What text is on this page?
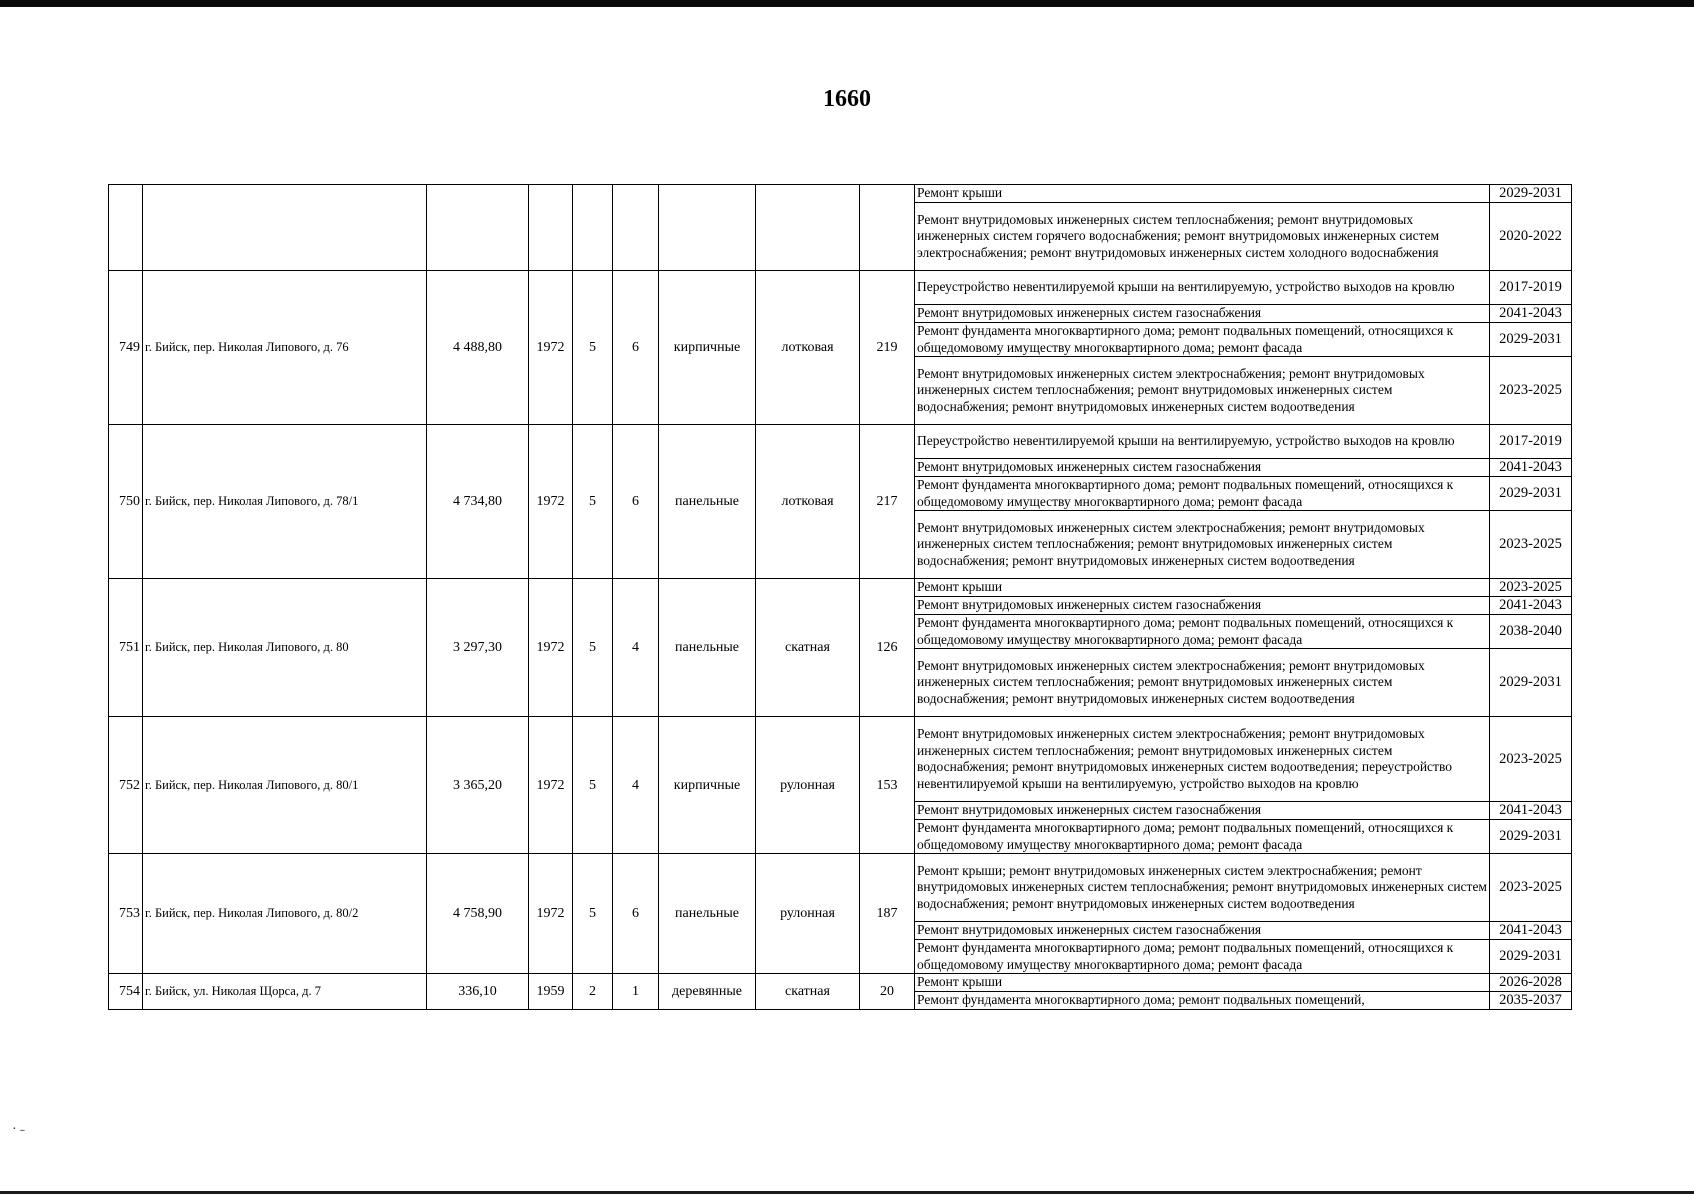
1660
									Ремонт крыши	2029-2031
									Ремонт внутридомовых инженерных систем теплоснабжения; ремонт внутридомовых инженерных систем горячего водоснабжения; ремонт внутридомовых инженерных систем электроснабжения; ремонт внутридомовых инженерных систем холодного водоснабжения	2020-2022
749	г. Бийск, пер. Николая Липового, д. 76	4 488,80	1972	5	6	кирпичные	лотковая	219	Переустройство невентилируемой крыши на вентилируемую, устройство выходов на кровлю	2017-2019
									Ремонт внутридомовых инженерных систем газоснабжения	2041-2043
									Ремонт фундамента многоквартирного дома; ремонт подвальных помещений, относящихся к общедомовому имуществу многоквартирного дома; ремонт фасада	2029-2031
									Ремонт внутридомовых инженерных систем электроснабжения; ремонт внутридомовых инженерных систем теплоснабжения; ремонт внутридомовых инженерных систем водоснабжения; ремонт внутридомовых инженерных систем водоотведения	2023-2025
750	г. Бийск, пер. Николая Липового, д. 78/1	4 734,80	1972	5	6	панельные	лотковая	217	Переустройство невентилируемой крыши на вентилируемую, устройство выходов на кровлю	2017-2019
									Ремонт внутридомовых инженерных систем газоснабжения	2041-2043
									Ремонт фундамента многоквартирного дома; ремонт подвальных помещений, относящихся к общедомовому имуществу многоквартирного дома; ремонт фасада	2029-2031
									Ремонт внутридомовых инженерных систем электроснабжения; ремонт внутридомовых инженерных систем теплоснабжения; ремонт внутридомовых инженерных систем водоснабжения; ремонт внутридомовых инженерных систем водоотведения	2023-2025
751	г. Бийск, пер. Николая Липового, д. 80	3 297,30	1972	5	4	панельные	скатная	126	Ремонт крыши	2023-2025
									Ремонт внутридомовых инженерных систем газоснабжения	2041-2043
									Ремонт фундамента многоквартирного дома; ремонт подвальных помещений, относящихся к общедомовому имуществу многоквартирного дома; ремонт фасада	2038-2040
									Ремонт внутридомовых инженерных систем электроснабжения; ремонт внутридомовых инженерных систем теплоснабжения; ремонт внутридомовых инженерных систем водоснабжения; ремонт внутридомовых инженерных систем водоотведения	2029-2031
752	г. Бийск, пер. Николая Липового, д. 80/1	3 365,20	1972	5	4	кирпичные	рулонная	153	Ремонт внутридомовых инженерных систем электроснабжения; ремонт внутридомовых инженерных систем теплоснабжения; ремонт внутридомовых инженерных систем водоснабжения; ремонт внутридомовых инженерных систем водоотведения; переустройство невентилируемой крыши на вентилируемую, устройство выходов на кровлю	2023-2025
									Ремонт внутридомовых инженерных систем газоснабжения	2041-2043
									Ремонт фундамента многоквартирного дома; ремонт подвальных помещений, относящихся к общедомовому имуществу многоквартирного дома; ремонт фасада	2029-2031
753	г. Бийск, пер. Николая Липового, д. 80/2	4 758,90	1972	5	6	панельные	рулонная	187	Ремонт крыши; ремонт внутридомовых инженерных систем электроснабжения; ремонт внутридомовых инженерных систем теплоснабжения; ремонт внутридомовых инженерных систем водоснабжения; ремонт внутридомовых инженерных систем водоотведения	2023-2025
									Ремонт внутридомовых инженерных систем газоснабжения	2041-2043
									Ремонт фундамента многоквартирного дома; ремонт подвальных помещений, относящихся к общедомовому имуществу многоквартирного дома; ремонт фасада	2029-2031
754	г. Бийск, ул. Николая Щорса, д. 7	336,10	1959	2	1	деревянные	скатная	20	Ремонт крыши	2026-2028
									Ремонт фундамента многоквартирного дома; ремонт подвальных помещений,	2035-2037
· ˗
